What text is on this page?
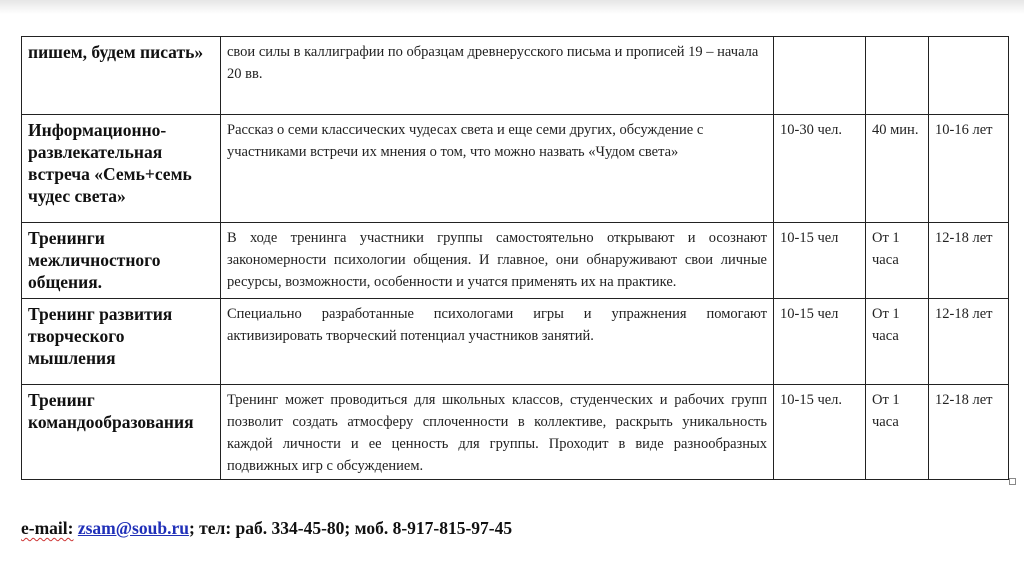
пишем, будем писать»	свои силы в каллиграфии по образцам древнерусского письма и прописей 19 – начала 20 вв.			
Информационно-развлекательная встреча «Семь+семь чудес света»	Рассказ о семи классических чудесах света и еще семи других, обсуждение с участниками встречи их мнения о том, что можно назвать «Чудом света»	10-30 чел.	40 мин.	10-16 лет
Тренинги межличностного общения.	В ходе тренинга участники группы самостоятельно открывают и осознают закономерности психологии общения. И главное, они обнаруживают свои личные ресурсы, возможности, особенности и учатся применять их на практике.	10-15 чел	От 1 часа	12-18 лет
Тренинг развития творческого мышления	Специально разработанные психологами игры и упражнения помогают активизировать творческий потенциал участников занятий.	10-15 чел	От 1 часа	12-18 лет
Тренинг командообразования	Тренинг может проводиться для школьных классов, студенческих и рабочих групп позволит создать атмосферу сплоченности в коллективе, раскрыть уникальность каждой личности и ее ценность для группы. Проходит в виде разнообразных подвижных игр с обсуждением.	10-15 чел.	От 1 часа	12-18 лет
e-mail: zsam@soub.ru; тел: раб. 334-45-80; моб. 8-917-815-97-45
